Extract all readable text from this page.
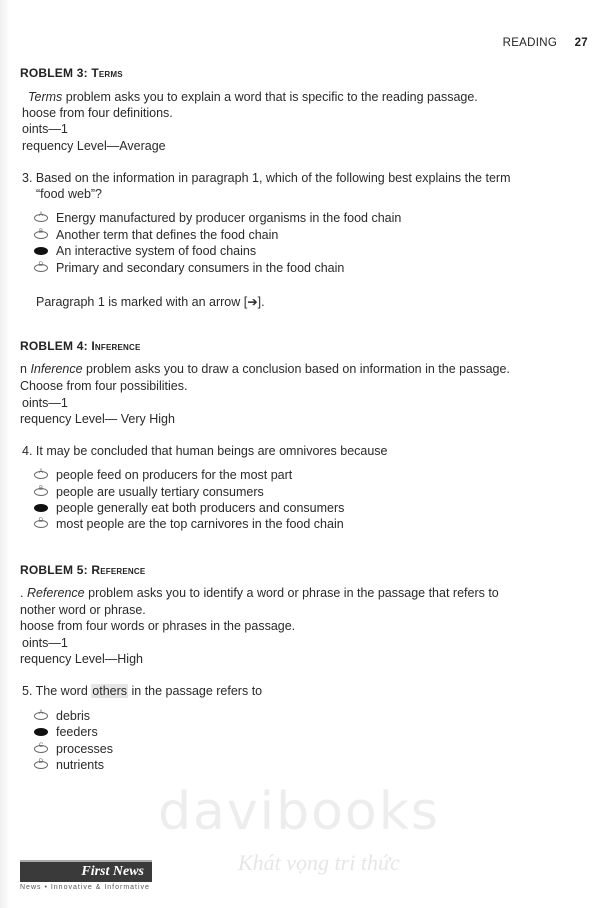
READING 27
ROBLEM 3: Terms
Terms problem asks you to explain a word that is specific to the reading passage.
hoose from four definitions.
oints—1
requency Level—Average
3. Based on the information in paragraph 1, which of the following best explains the term
“food web”?
A	Energy manufactured by producer organisms in the food chain
B	Another term that defines the food chain
An interactive system of food chains
D	Primary and secondary consumers in the food chain
Paragraph 1 is marked with an arrow [➔].
ROBLEM 4: Inference
n Inference problem asks you to draw a conclusion based on information in the passage.
Choose from four possibilities.
oints—1
requency Level— Very High
4. It may be concluded that human beings are omnivores because
A	people feed on producers for the most part
B	people are usually tertiary consumers
people generally eat both producers and consumers
D	most people are the top carnivores in the food chain
ROBLEM 5: Reference
. Reference problem asks you to identify a word or phrase in the passage that refers to
nother word or phrase.
hoose from four words or phrases in the passage.
oints—1
requency Level—High
5. The word others in the passage refers to
A	debris
feeders
C	processes
D	nutrients
davibooks
Khát vọng tri thức
First News
News • Innovative & Informative
